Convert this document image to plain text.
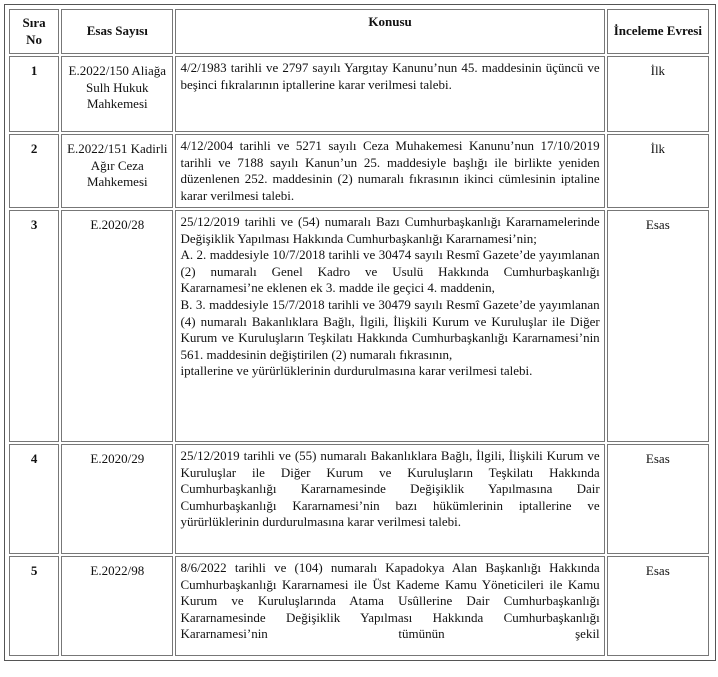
Sıra No	Esas Sayısı	Konusu	İnceleme Evresi
1	E.2022/150 Aliağa Sulh Hukuk Mahkemesi	4/2/1983 tarihli ve 2797 sayılı Yargıtay Kanunu’nun 45. maddesinin üçüncü ve beşinci fıkralarının iptallerine karar verilmesi talebi.	İlk
2	E.2022/151 Kadirli Ağır Ceza Mahkemesi	4/12/2004 tarihli ve 5271 sayılı Ceza Muhakemesi Kanunu’nun 17/10/2019 tarihli ve 7188 sayılı Kanun’un 25. maddesiyle başlığı ile birlikte yeniden düzenlenen 252. maddesinin (2) numaralı fıkrasının ikinci cümlesinin iptaline karar verilmesi talebi.	İlk
3	E.2020/28	25/12/2019 tarihli ve (54) numaralı Bazı Cumhurbaşkanlığı Kararnamelerinde Değişiklik Yapılması Hakkında Cumhurbaşkanlığı Kararnamesi’nin;
A. 2. maddesiyle 10/7/2018 tarihli ve 30474 sayılı Resmî Gazete’de yayımlanan (2) numaralı Genel Kadro ve Usulü Hakkında Cumhurbaşkanlığı Kararnamesi’ne eklenen ek 3. madde ile geçici 4. maddenin,
B. 3. maddesiyle 15/7/2018 tarihli ve 30479 sayılı Resmî Gazete’de yayımlanan (4) numaralı Bakanlıklara Bağlı, İlgili, İlişkili Kurum ve Kuruluşlar ile Diğer Kurum ve Kuruluşların Teşkilatı Hakkında Cumhurbaşkanlığı Kararnamesi’nin 561. maddesinin değiştirilen (2) numaralı fıkrasının,
iptallerine ve yürürlüklerinin durdurulmasına karar verilmesi talebi.	Esas
4	E.2020/29	25/12/2019 tarihli ve (55) numaralı Bakanlıklara Bağlı, İlgili, İlişkili Kurum ve Kuruluşlar ile Diğer Kurum ve Kuruluşların Teşkilatı Hakkında Cumhurbaşkanlığı Kararnamesinde Değişiklik Yapılmasına Dair Cumhurbaşkanlığı Kararnamesi’nin bazı hükümlerinin iptallerine ve yürürlüklerinin durdurulmasına karar verilmesi talebi.	Esas
5	E.2022/98	8/6/2022 tarihli ve (104) numaralı Kapadokya Alan Başkanlığı Hakkında Cumhurbaşkanlığı Kararnamesi ile Üst Kademe Kamu Yöneticileri ile Kamu Kurum ve Kuruluşlarında Atama Usûllerine Dair Cumhurbaşkanlığı Kararnamesinde Değişiklik Yapılması Hakkında Cumhurbaşkanlığı Kararnamesi’nin tümünün şekil	Esas
